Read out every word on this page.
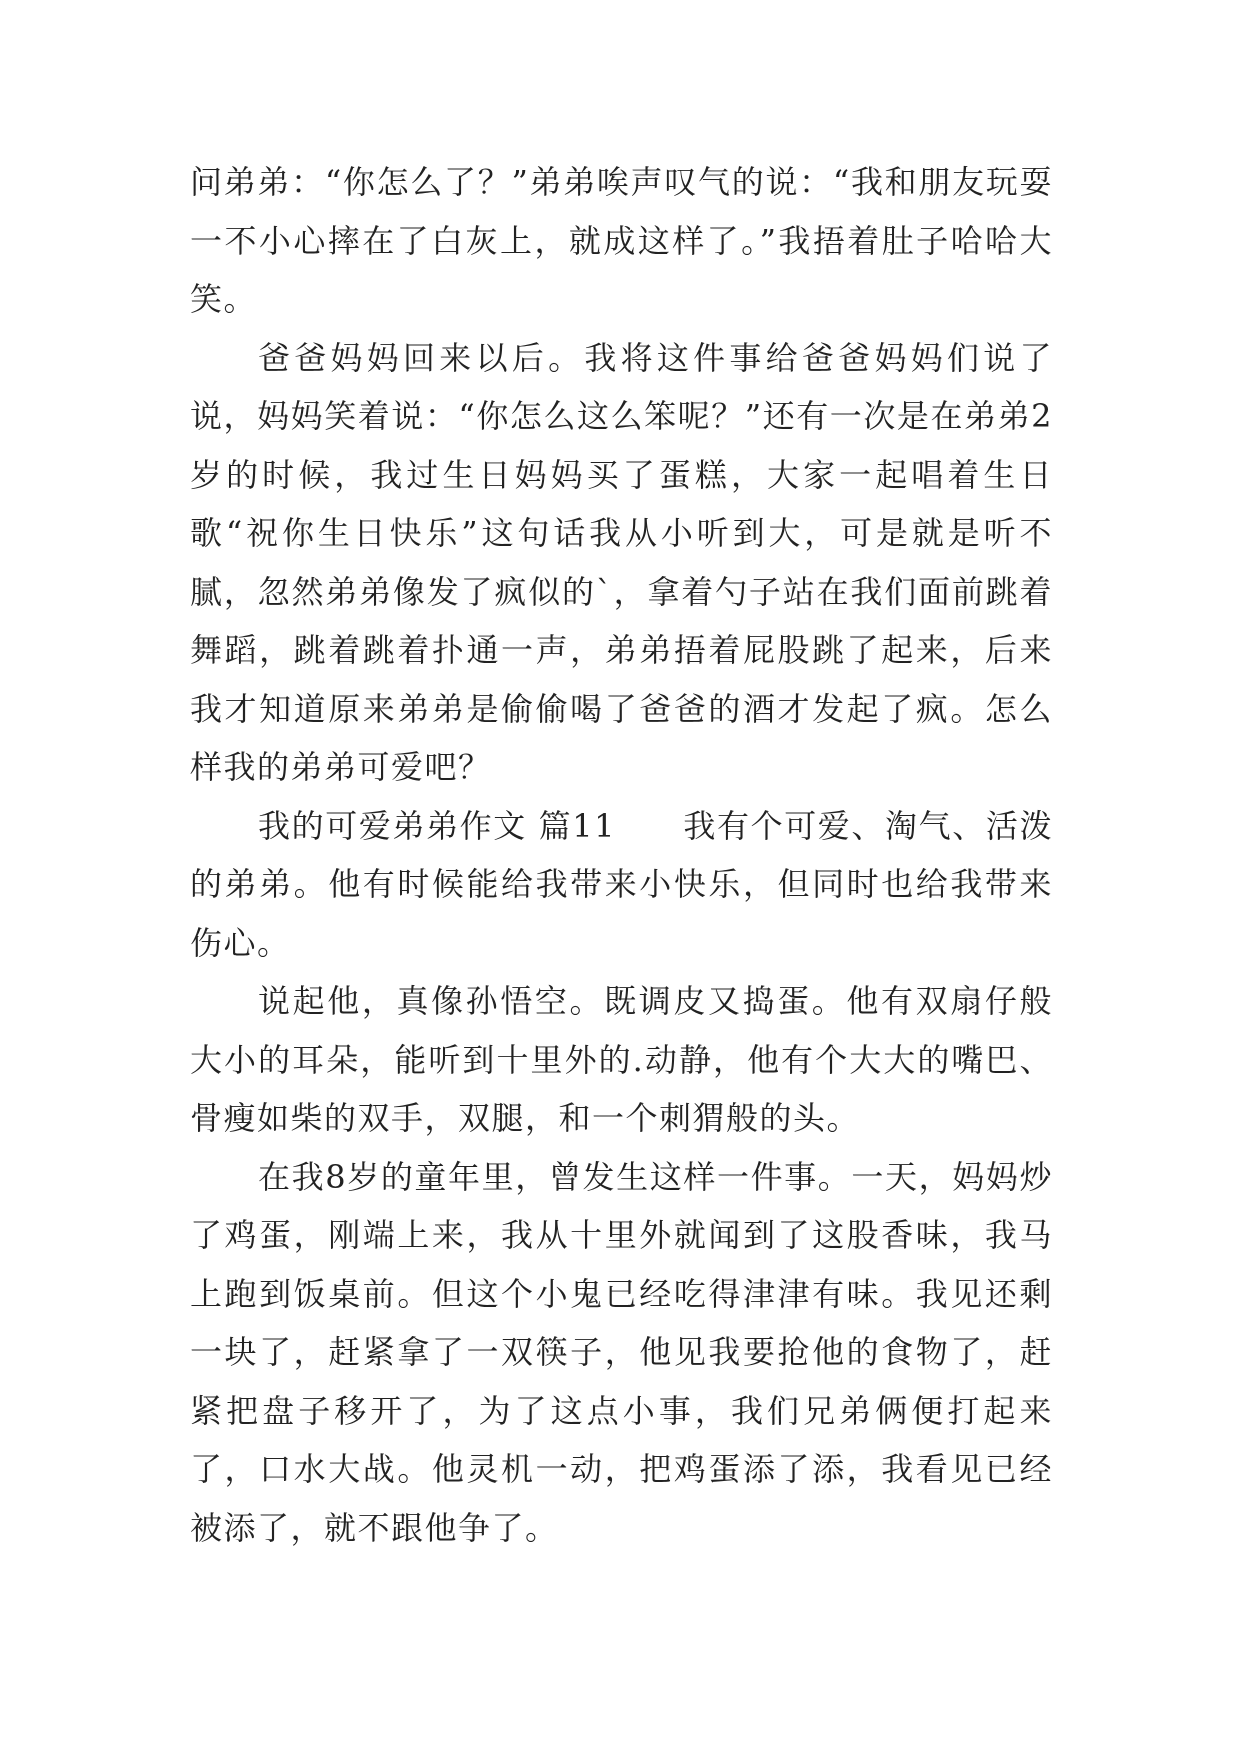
问弟弟：“你怎么了？”弟弟唉声叹气的说：“我和朋友玩耍一不小心摔在了白灰上，就成这样了。”我捂着肚子哈哈大笑。

爸爸妈妈回来以后。我将这件事给爸爸妈妈们说了说，妈妈笑着说：“你怎么这么笨呢？”还有一次是在弟弟2岁的时候，我过生日妈妈买了蛋糕，大家一起唱着生日歌“祝你生日快乐”这句话我从小听到大，可是就是听不腻，忽然弟弟像发了疯似的`，拿着勺子站在我们面前跳着舞蹈，跳着跳着扑通一声，弟弟捂着屁股跳了起来，后来我才知道原来弟弟是偷偷喝了爸爸的酒才发起了疯。怎么样我的弟弟可爱吧？

我的可爱弟弟作文 篇11　　我有个可爱、淘气、活泼的弟弟。他有时候能给我带来小快乐，但同时也给我带来伤心。

说起他，真像孙悟空。既调皮又捣蛋。他有双扇仔般大小的耳朵，能听到十里外的.动静，他有个大大的嘴巴、骨瘦如柴的双手，双腿，和一个刺猬般的头。

在我8岁的童年里，曾发生这样一件事。一天，妈妈炒了鸡蛋，刚端上来，我从十里外就闻到了这股香味，我马上跑到饭桌前。但这个小鬼已经吃得津津有味。我见还剩一块了，赶紧拿了一双筷子，他见我要抢他的食物了，赶紧把盘子移开了，为了这点小事，我们兄弟俩便打起来了，口水大战。他灵机一动，把鸡蛋添了添，我看见已经被添了，就不跟他争了。
